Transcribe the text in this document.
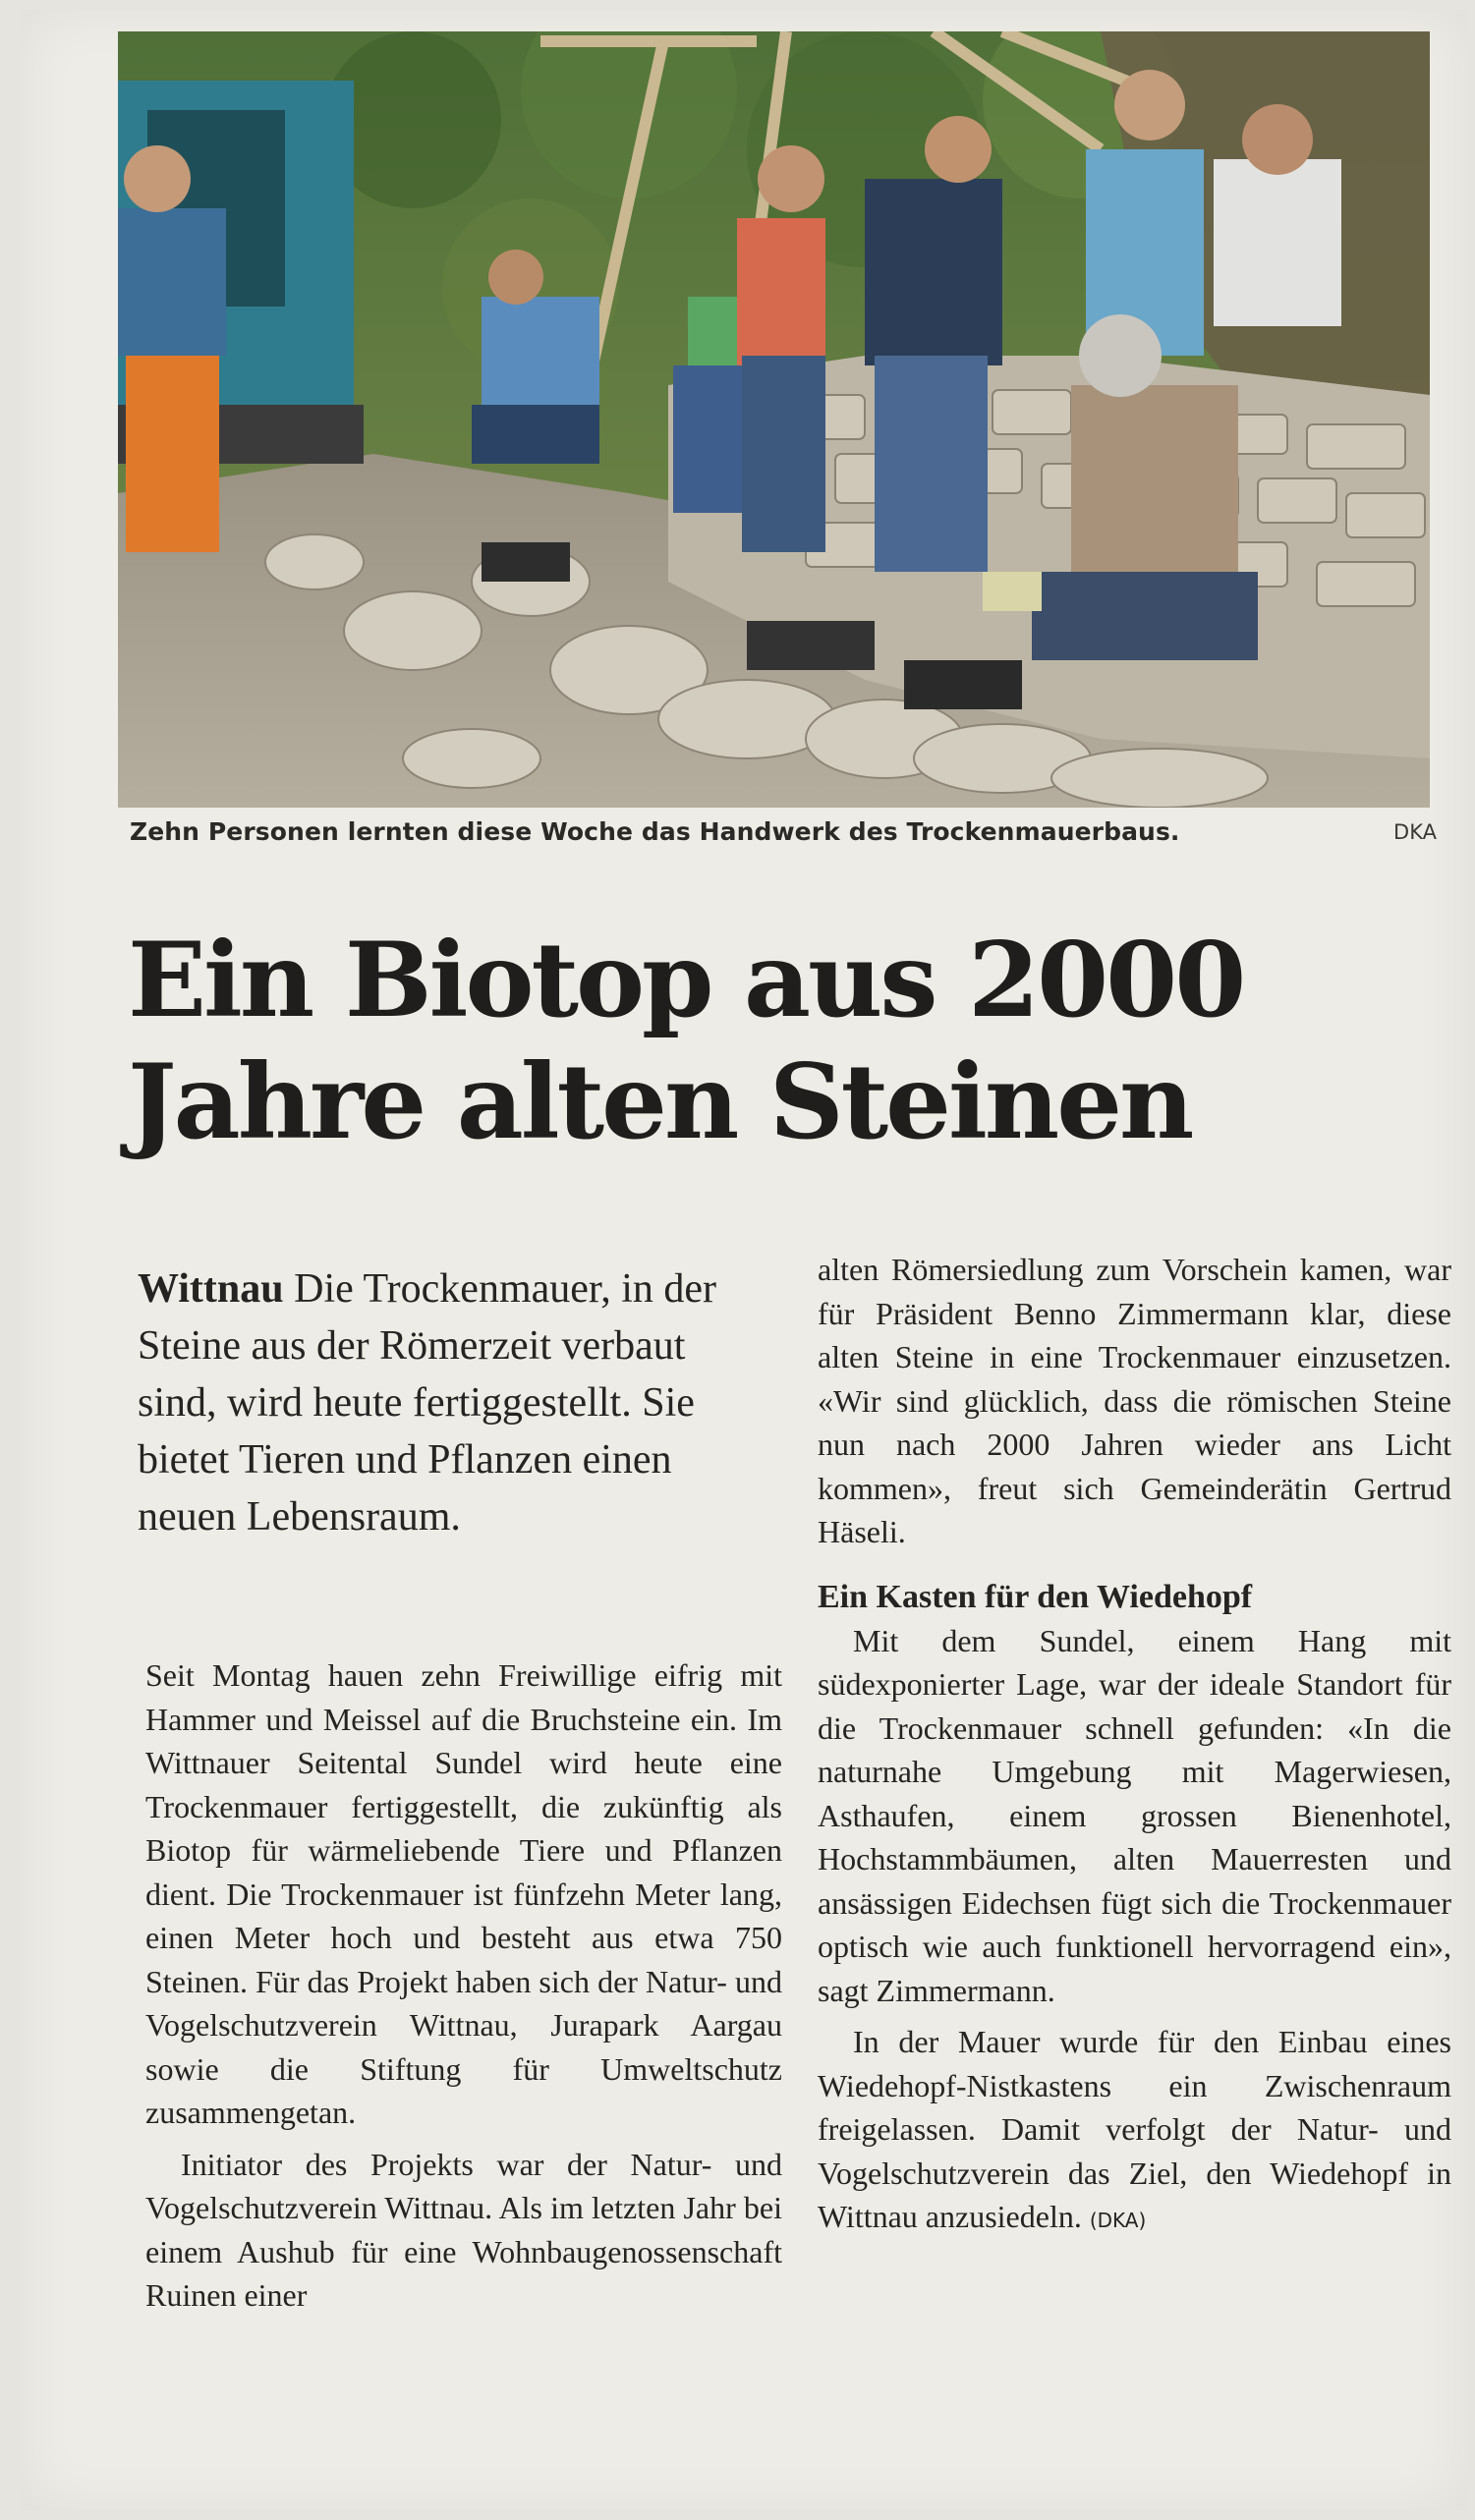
Zehn Personen lernten diese Woche das Handwerk des Trockenmauerbaus.	DKA
Ein Biotop aus 2000
Jahre alten Steinen
Wittnau Die Trockenmauer, in der Steine aus der Römerzeit verbaut sind, wird heute fertiggestellt. Sie bietet Tieren und Pflanzen einen neuen Lebensraum.

Seit Montag hauen zehn Freiwillige eifrig mit Hammer und Meissel auf die Bruchsteine ein. Im Wittnauer Seitental Sundel wird heute eine Trockenmauer fertiggestellt, die zukünftig als Biotop für wärmeliebende Tiere und Pflanzen dient. Die Trockenmauer ist fünfzehn Meter lang, einen Meter hoch und besteht aus etwa 750 Steinen. Für das Projekt haben sich der Natur- und Vogelschutzverein Wittnau, Jurapark Aargau sowie die Stiftung für Umweltschutz zusammengetan.

Initiator des Projekts war der Natur- und Vogelschutzverein Wittnau. Als im letzten Jahr bei einem Aushub für eine Wohnbaugenossenschaft Ruinen einer

alten Römersiedlung zum Vorschein kamen, war für Präsident Benno Zimmermann klar, diese alten Steine in eine Trockenmauer einzusetzen. «Wir sind glücklich, dass die römischen Steine nun nach 2000 Jahren wieder ans Licht kommen», freut sich Gemeinderätin Gertrud Häseli.

Ein Kasten für den Wiedehopf

Mit dem Sundel, einem Hang mit südexponierter Lage, war der ideale Standort für die Trockenmauer schnell gefunden: «In die naturnahe Umgebung mit Magerwiesen, Asthaufen, einem grossen Bienenhotel, Hochstammbäumen, alten Mauerresten und ansässigen Eidechsen fügt sich die Trockenmauer optisch wie auch funktionell hervorragend ein», sagt Zimmermann.

In der Mauer wurde für den Einbau eines Wiedehopf-Nistkastens ein Zwischenraum freigelassen. Damit verfolgt der Natur- und Vogelschutzverein das Ziel, den Wiedehopf in Wittnau anzusiedeln. (DKA)
